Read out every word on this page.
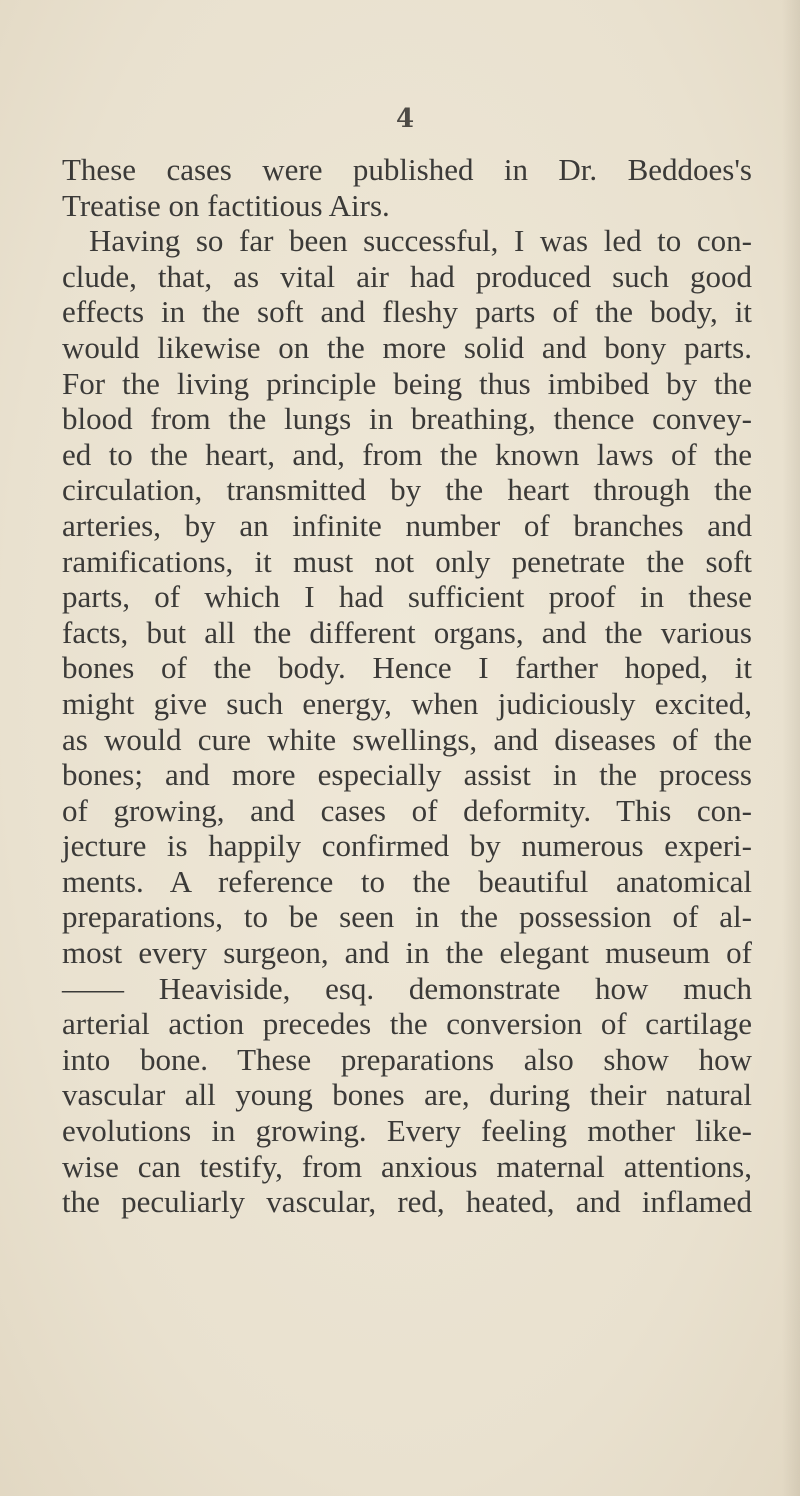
4
These cases were published in Dr. Beddoes's
Treatise on factitious Airs.
Having so far been successful, I was led to con-
clude, that, as vital air had produced such good
effects in the soft and fleshy parts of the body, it
would likewise on the more solid and bony parts.
For the living principle being thus imbibed by the
blood from the lungs in breathing, thence convey-
ed to the heart, and, from the known laws of the
circulation, transmitted by the heart through the
arteries, by an infinite number of branches and
ramifications, it must not only penetrate the soft
parts, of which I had sufficient proof in these
facts, but all the different organs, and the various
bones of the body. Hence I farther hoped, it
might give such energy, when judiciously excited,
as would cure white swellings, and diseases of the
bones; and more especially assist in the process
of growing, and cases of deformity. This con-
jecture is happily confirmed by numerous experi-
ments. A reference to the beautiful anatomical
preparations, to be seen in the possession of al-
most every surgeon, and in the elegant museum of
—— Heaviside, esq. demonstrate how much
arterial action precedes the conversion of cartilage
into bone. These preparations also show how
vascular all young bones are, during their natural
evolutions in growing. Every feeling mother like-
wise can testify, from anxious maternal attentions,
the peculiarly vascular, red, heated, and inflamed
